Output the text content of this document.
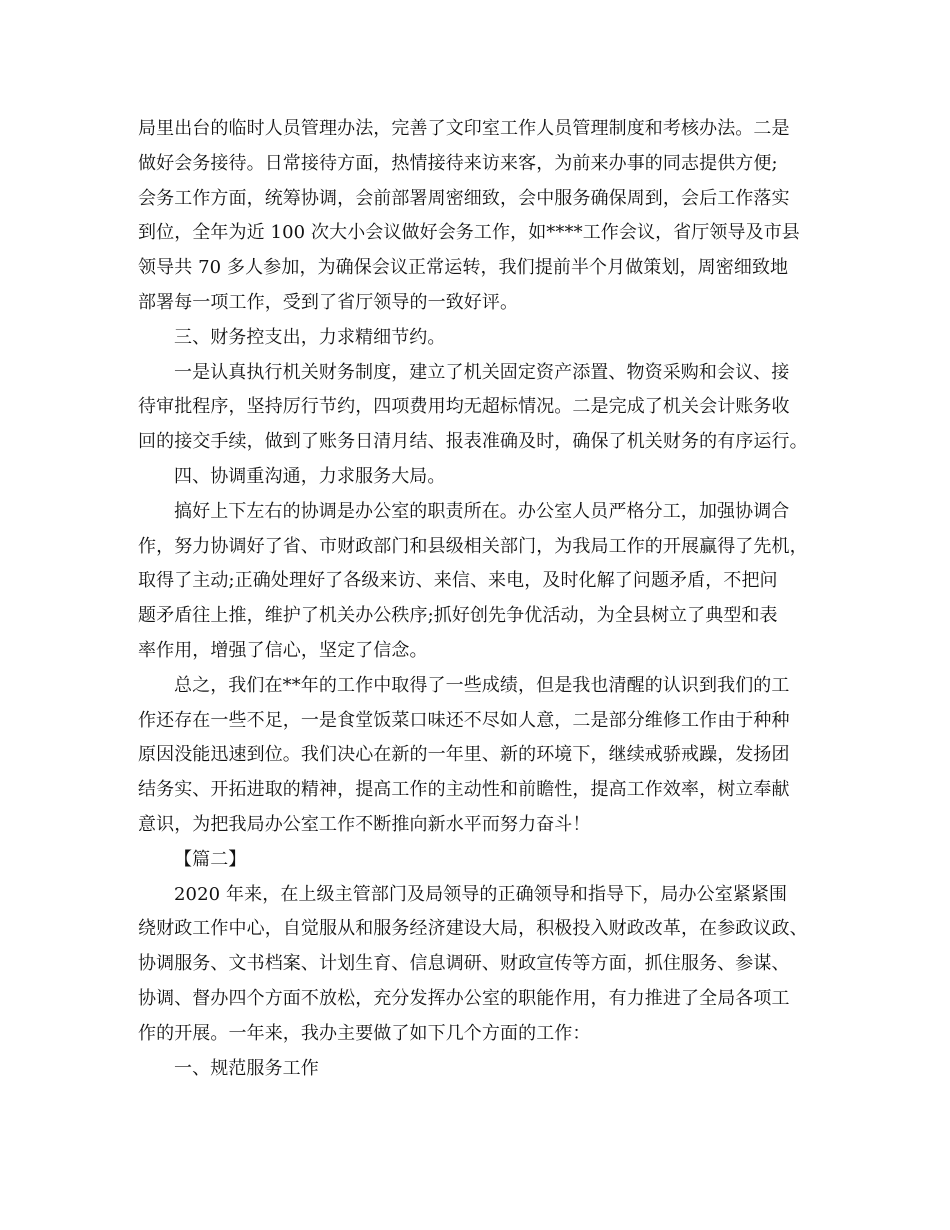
局里出台的临时人员管理办法，完善了文印室工作人员管理制度和考核办法。二是
做好会务接待。日常接待方面，热情接待来访来客，为前来办事的同志提供方便;
会务工作方面，统筹协调，会前部署周密细致，会中服务确保周到，会后工作落实
到位，全年为近 100 次大小会议做好会务工作，如****工作会议，省厅领导及市县
领导共 70 多人参加，为确保会议正常运转，我们提前半个月做策划，周密细致地
部署每一项工作，受到了省厅领导的一致好评。
三、财务控支出，力求精细节约。
一是认真执行机关财务制度，建立了机关固定资产添置、物资采购和会议、接
待审批程序，坚持厉行节约，四项费用均无超标情况。二是完成了机关会计账务收
回的接交手续，做到了账务日清月结、报表准确及时，确保了机关财务的有序运行。
四、协调重沟通，力求服务大局。
搞好上下左右的协调是办公室的职责所在。办公室人员严格分工，加强协调合
作，努力协调好了省、市财政部门和县级相关部门，为我局工作的开展赢得了先机，
取得了主动;正确处理好了各级来访、来信、来电，及时化解了问题矛盾，不把问
题矛盾往上推，维护了机关办公秩序;抓好创先争优活动，为全县树立了典型和表
率作用，增强了信心，坚定了信念。
总之，我们在**年的工作中取得了一些成绩，但是我也清醒的认识到我们的工
作还存在一些不足，一是食堂饭菜口味还不尽如人意，二是部分维修工作由于种种
原因没能迅速到位。我们决心在新的一年里、新的环境下，继续戒骄戒躁，发扬团
结务实、开拓进取的精神，提高工作的主动性和前瞻性，提高工作效率，树立奉献
意识，为把我局办公室工作不断推向新水平而努力奋斗！
【篇二】
2020 年来，在上级主管部门及局领导的正确领导和指导下，局办公室紧紧围
绕财政工作中心，自觉服从和服务经济建设大局，积极投入财政改革，在参政议政、
协调服务、文书档案、计划生育、信息调研、财政宣传等方面，抓住服务、参谋、
协调、督办四个方面不放松，充分发挥办公室的职能作用，有力推进了全局各项工
作的开展。一年来，我办主要做了如下几个方面的工作：
一、规范服务工作
